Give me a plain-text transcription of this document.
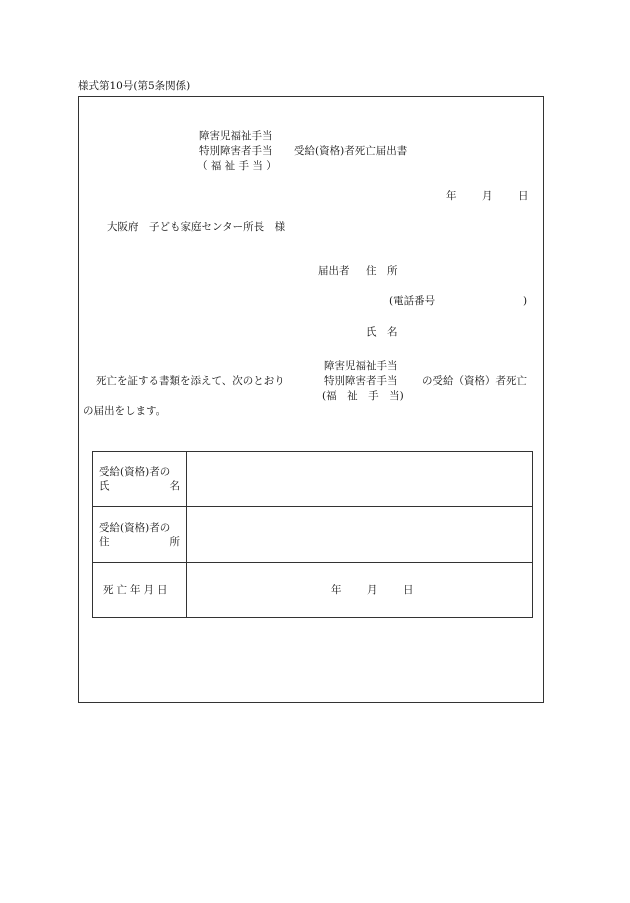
様式第10号(第5条関係)
障害児福祉手当
特別障害者手当
（ 福 祉 手 当 ）
受給(資格)者死亡届出書
年 月 日
大阪府　子ども家庭センター所長　様
届出者 住　所
(電話番号	)
氏　名
障害児福祉手当
死亡を証する書類を添えて、次のとおり	特別障害者手当 の受給（資格）者死亡
(福　祉　手　当)
の届出をします。
受給(資格)者の
氏 名	

受給(資格)者の
住 所	

死亡年月日	年 月 日
